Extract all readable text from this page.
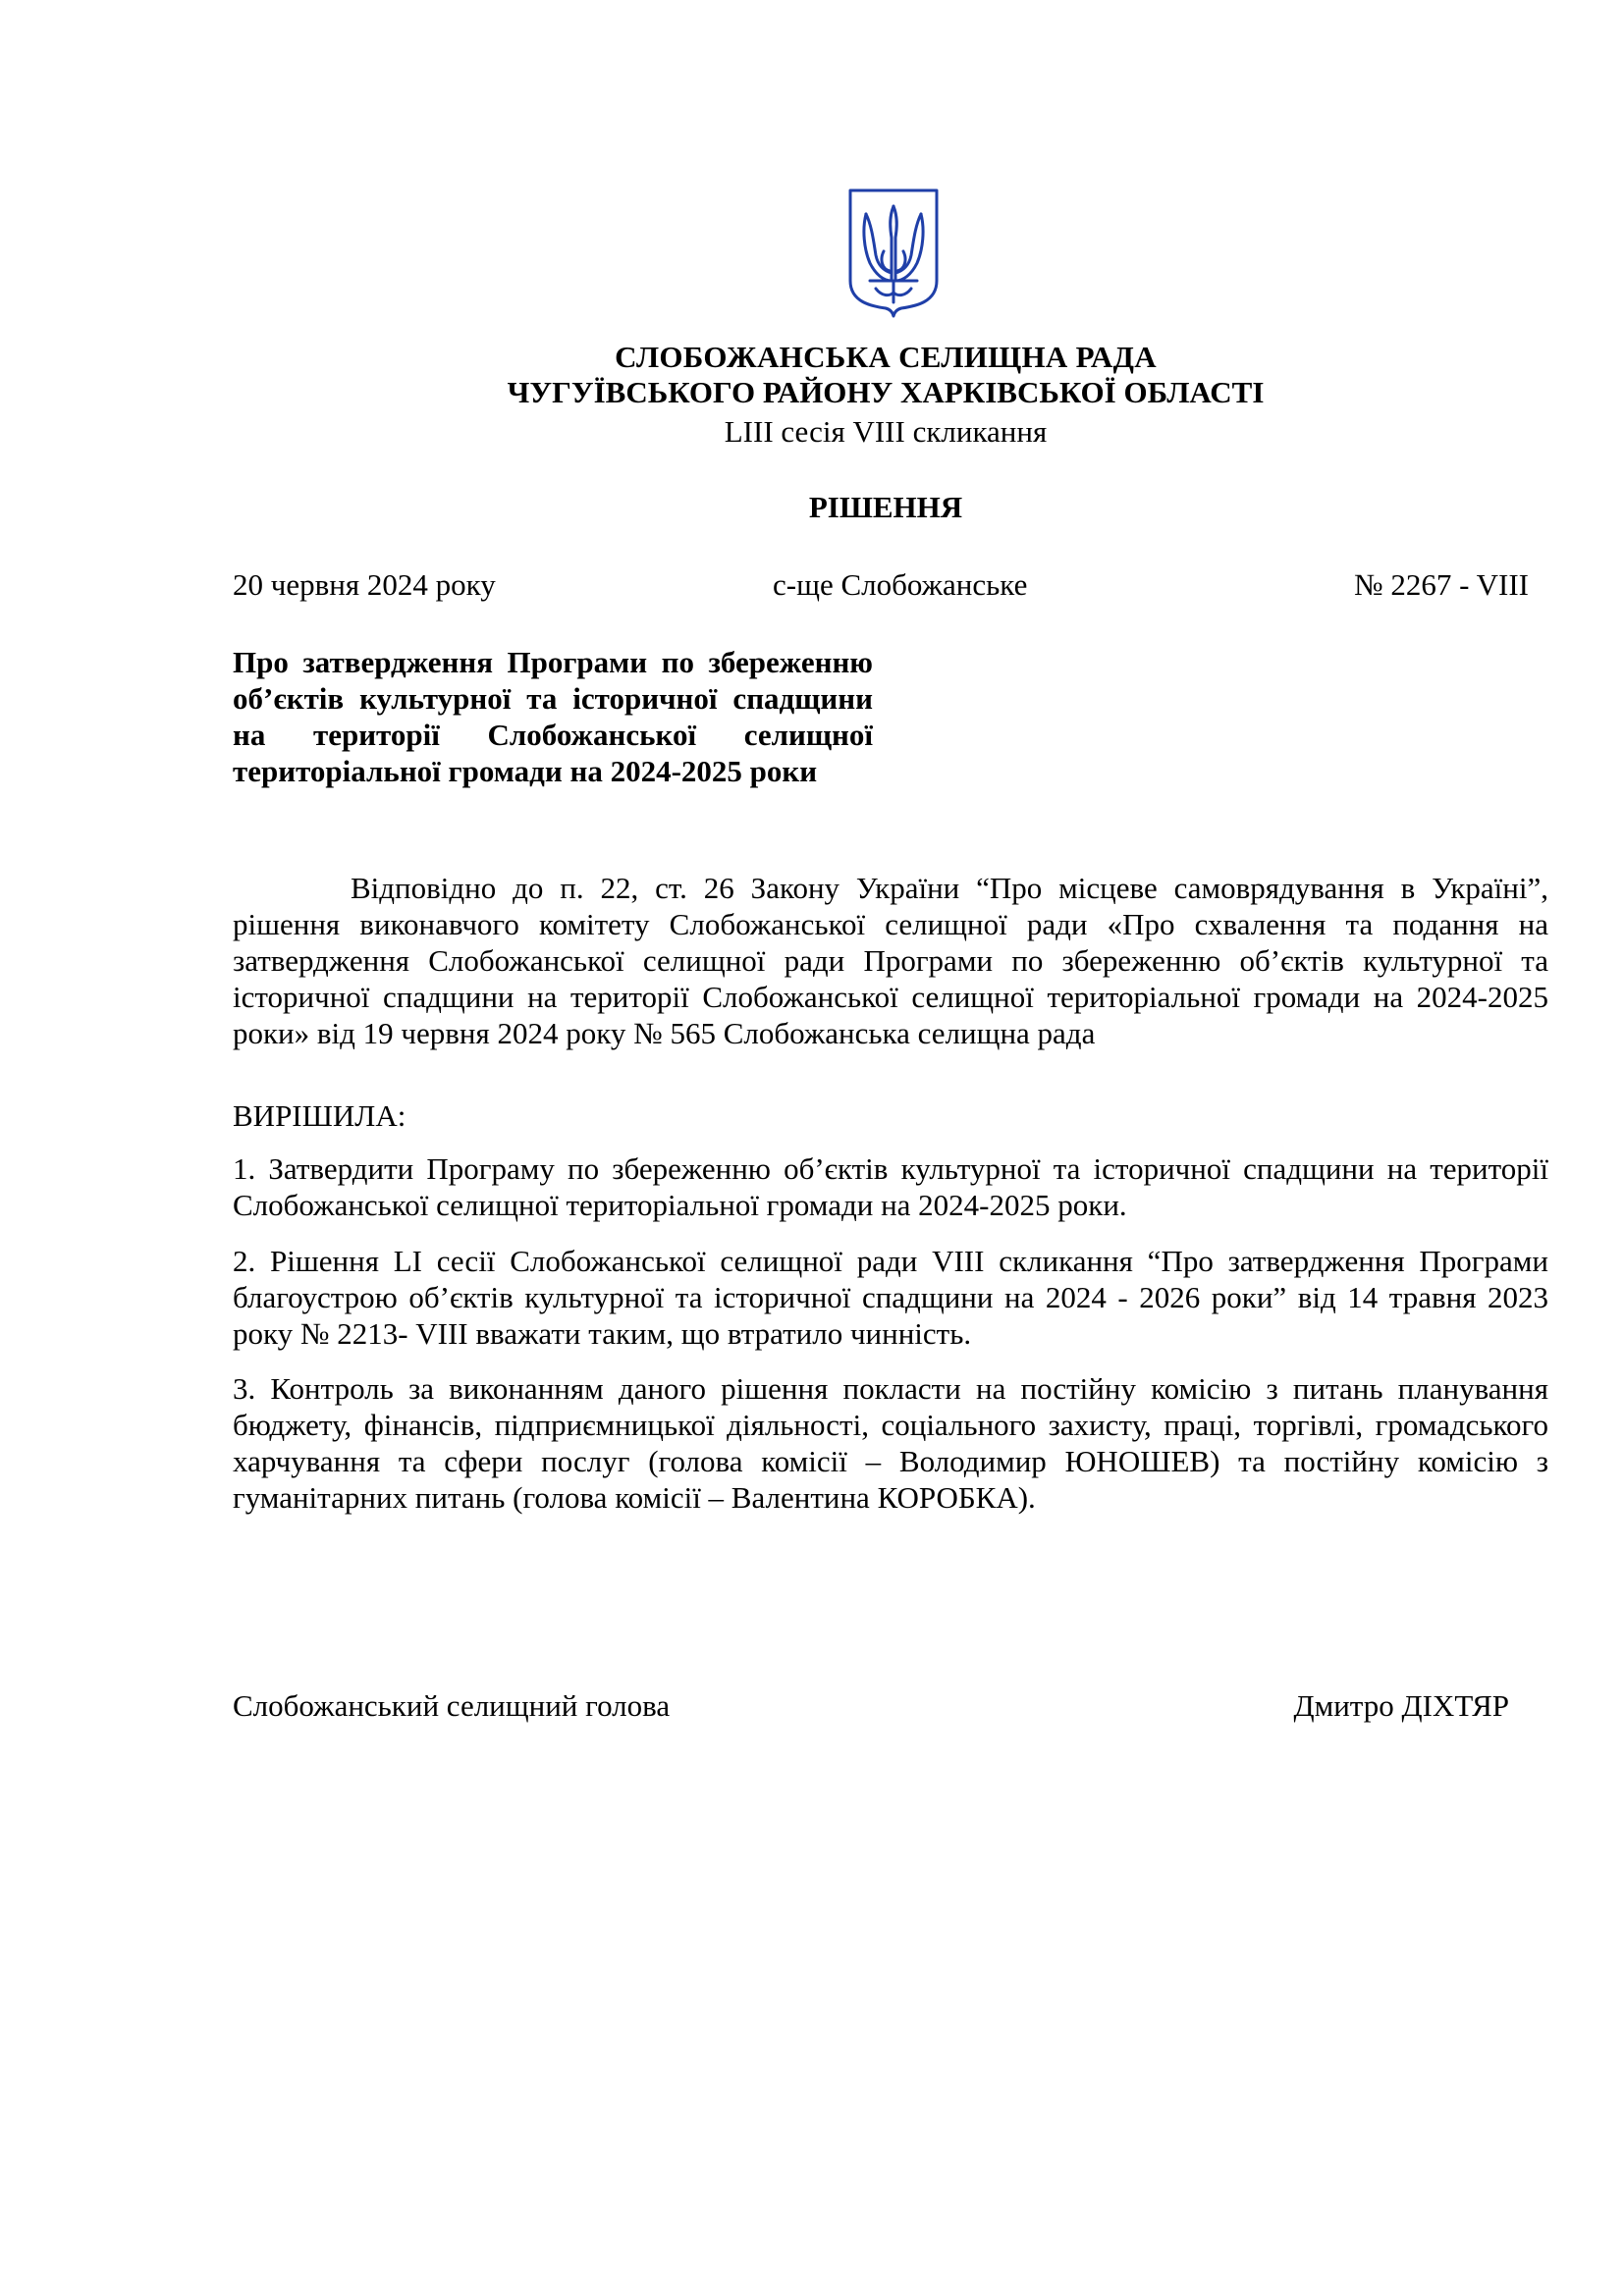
СЛОБОЖАНСЬКА СЕЛИЩНА РАДА
ЧУГУЇВСЬКОГО РАЙОНУ ХАРКІВСЬКОЇ ОБЛАСТІ
LIII сесія VIII скликання
РІШЕННЯ
20 червня 2024 року	с-ще Слобожанське	№ 2267 - VIII
Про затвердження Програми по збереженню об’єктів культурної та історичної спадщини на території Слобожанської селищної територіальної громади на 2024-2025 роки
Відповідно до п. 22, ст. 26 Закону України “Про місцеве самоврядування в Україні”, рішення виконавчого комітету Слобожанської селищної ради «Про схвалення та подання на затвердження Слобожанської селищної ради Програми по збереженню об’єктів культурної та історичної спадщини на території Слобожанської селищної територіальної громади на 2024-2025 роки» від 19 червня 2024 року № 565 Слобожанська селищна рада
ВИРІШИЛА:
1. Затвердити Програму по збереженню об’єктів культурної та історичної спадщини на території Слобожанської селищної територіальної громади на 2024-2025 роки.
2. Рішення LI сесії Слобожанської селищної ради VIII скликання “Про затвердження Програми благоустрою об’єктів культурної та історичної спадщини на 2024 - 2026 роки” від 14 травня 2023 року № 2213- VIII вважати таким, що втратило чинність.
3. Контроль за виконанням даного рішення покласти на постійну комісію з питань планування бюджету, фінансів, підприємницької діяльності, соціального захисту, праці, торгівлі, громадського харчування та сфери послуг (голова комісії – Володимир ЮНОШЕВ) та постійну комісію з гуманітарних питань (голова комісії – Валентина КОРОБКА).
Слобожанський селищний голова	Дмитро ДІХТЯР
